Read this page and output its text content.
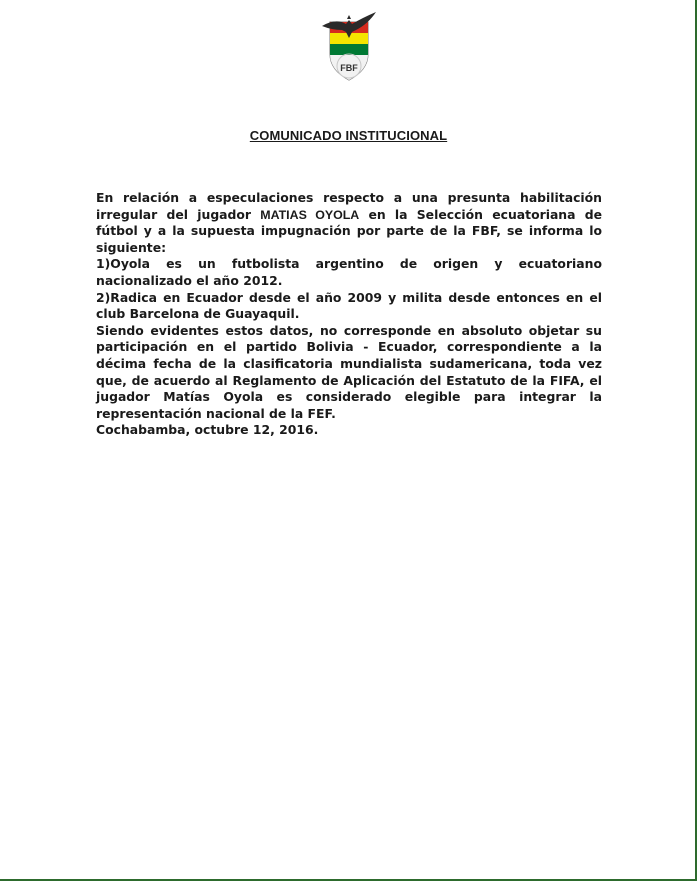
FBF
COMUNICADO INSTITUCIONAL

En relación a especulaciones respecto a una presunta habilitación irregular del jugador MATIAS OYOLA en la Selección ecuatoriana de fútbol y a la supuesta impugnación por parte de la FBF, se informa lo siguiente:

1)Oyola es un futbolista argentino de origen y ecuatoriano nacionalizado el año 2012.

2)Radica en Ecuador desde el año 2009 y milita desde entonces en el club Barcelona de Guayaquil.

Siendo evidentes estos datos, no corresponde en absoluto objetar su participación en el partido Bolivia - Ecuador, correspondiente a la décima fecha de la clasificatoria mundialista sudamericana, toda vez que, de acuerdo al Reglamento de Aplicación del Estatuto de la FIFA, el jugador Matías Oyola es considerado elegible para integrar la representación nacional de la FEF.

Cochabamba, octubre 12, 2016.
